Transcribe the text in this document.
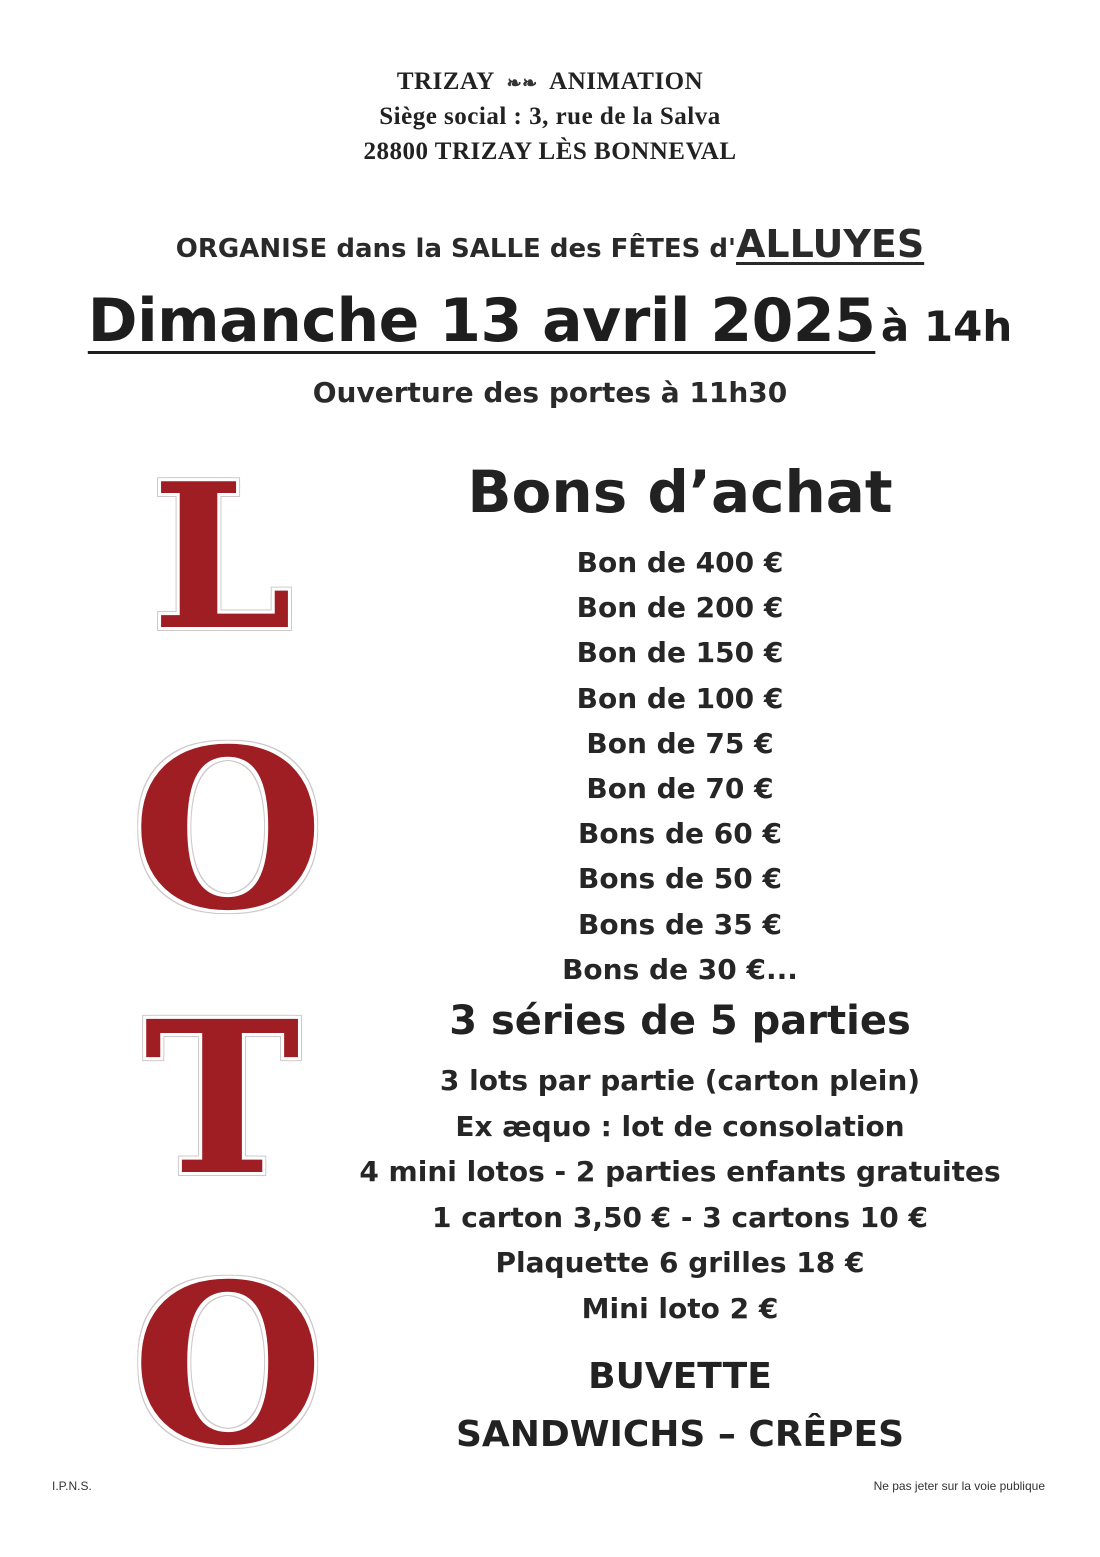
TRIZAY ❧❧ ANIMATION
Siège social : 3, rue de la Salva
28800 TRIZAY LÈS BONNEVAL
ORGANISE dans la SALLE des FÊTES d'ALLUYES
Dimanche 13 avril 2025 à 14h
Ouverture des portes à 11h30
L
O
T
O
Bons d’achat
Bon de 400 €
Bon de 200 €
Bon de 150 €
Bon de 100 €
Bon de 75 €
Bon de 70 €
Bons de 60 €
Bons de 50 €
Bons de 35 €
Bons de 30 €...
3 séries de 5 parties
3 lots par partie (carton plein)
Ex æquo : lot de consolation
4 mini lotos - 2 parties enfants gratuites
1 carton 3,50 € - 3 cartons 10 €
Plaquette 6 grilles 18 €
Mini loto 2 €
BUVETTE
SANDWICHS – CRÊPES
I.P.N.S.	Ne pas jeter sur la voie publique
